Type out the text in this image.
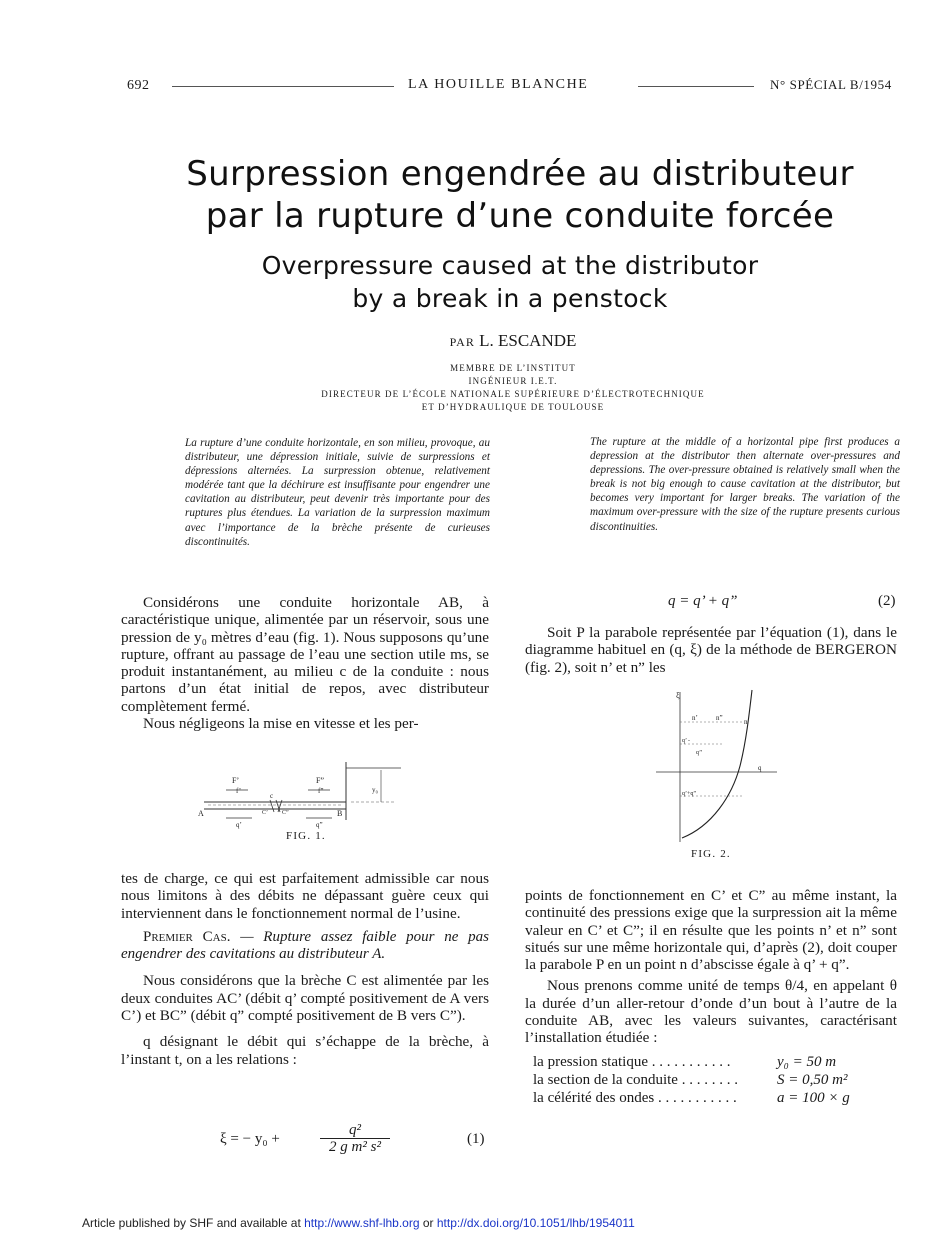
692	LA HOUILLE BLANCHE	N° SPÉCIAL B/1954
Surpression engendrée au distributeur
par la rupture d’une conduite forcée
Overpressure caused at the distributor
by a break in a penstock
PAR L. ESCANDE
MEMBRE DE L’INSTITUT
INGÉNIEUR I.E.T.
DIRECTEUR DE L’ÉCOLE NATIONALE SUPÉRIEURE D’ÉLECTROTECHNIQUE
ET D’HYDRAULIQUE DE TOULOUSE

La rupture d’une conduite horizontale, en son milieu, provoque, au distributeur, une dépression initiale, suivie de surpressions et dépressions alternées. La surpression obtenue, relativement modérée tant que la déchirure est insuffisante pour engendrer une cavitation au distributeur, peut devenir très importante pour des ruptures plus étendues. La variation de la surpression maximum avec l’importance de la brèche présente de curieuses discontinuités.

The rupture at the middle of a horizontal pipe first produces a depression at the distributor then alternate over-pressures and depressions. The over-pressure obtained is relatively small when the break is not big enough to cause cavitation at the distributor, but becomes very important for larger breaks. The variation of the maximum over-pressure with the size of the rupture presents curious discontinuities.

Considérons une conduite horizontale AB, à caractéristique unique, alimentée par un réservoir, sous une pression de y₀ mètres d’eau (fig. 1). Nous supposons qu’une rupture, offrant au passage de l’eau une section utile ms, se produit instantanément, au milieu c de la conduite : nous partons d’un état initial de repos, avec distributeur complètement fermé.

Nous négligeons la mise en vitesse et les per-

F’
f’
F”
f”
A	B
c
C’ C”
q’	q”
y₀
FIG. 1.

tes de charge, ce qui est parfaitement admissible car nous nous limitons à des débits ne dépassant guère ceux qui interviennent dans le fonctionnement normal de l’usine.

Premier Cas. — Rupture assez faible pour ne pas engendrer des cavitations au distributeur A.

Nous considérons que la brèche C est alimentée par les deux conduites AC’ (débit q’ compté positivement de A vers C’) et BC” (débit q” compté positivement de B vers C”).

q désignant le débit qui s’échappe de la brèche, à l’instant t, on a les relations :

ξ = − y₀ +	$\frac{\text{q²}}{\text{2 g m² s²}}$	(1)
q = q’ + q”	(2)

Soit P la parabole représentée par l’équation (1), dans le diagramme habituel en (q, ξ) de la méthode de BERGERON (fig. 2), soit n’ et n” les

ξ
q
n
n’	n”
q’ -
q’’
q’+q”
FIG. 2.

points de fonctionnement en C’ et C” au même instant, la continuité des pressions exige que la surpression ait la même valeur en C’ et C”; il en résulte que les points n’ et n” sont situés sur une même horizontale qui, d’après (2), doit couper la parabole P en un point n d’abscisse égale à q’ + q”.

Nous prenons comme unité de temps θ/4, en appelant θ la durée d’un aller-retour d’onde d’un bout à l’autre de la conduite AB, avec les valeurs suivantes, caractérisant l’installation étudiée :

la pression statique . . . . . . . . . . .	y₀ = 50 m
la section de la conduite . . . . . . . .	S = 0,50 m²
la célérité des ondes . . . . . . . . . . .	a = 100 × g
Article published by SHF and available at http://www.shf-lhb.org or http://dx.doi.org/10.1051/lhb/1954011
